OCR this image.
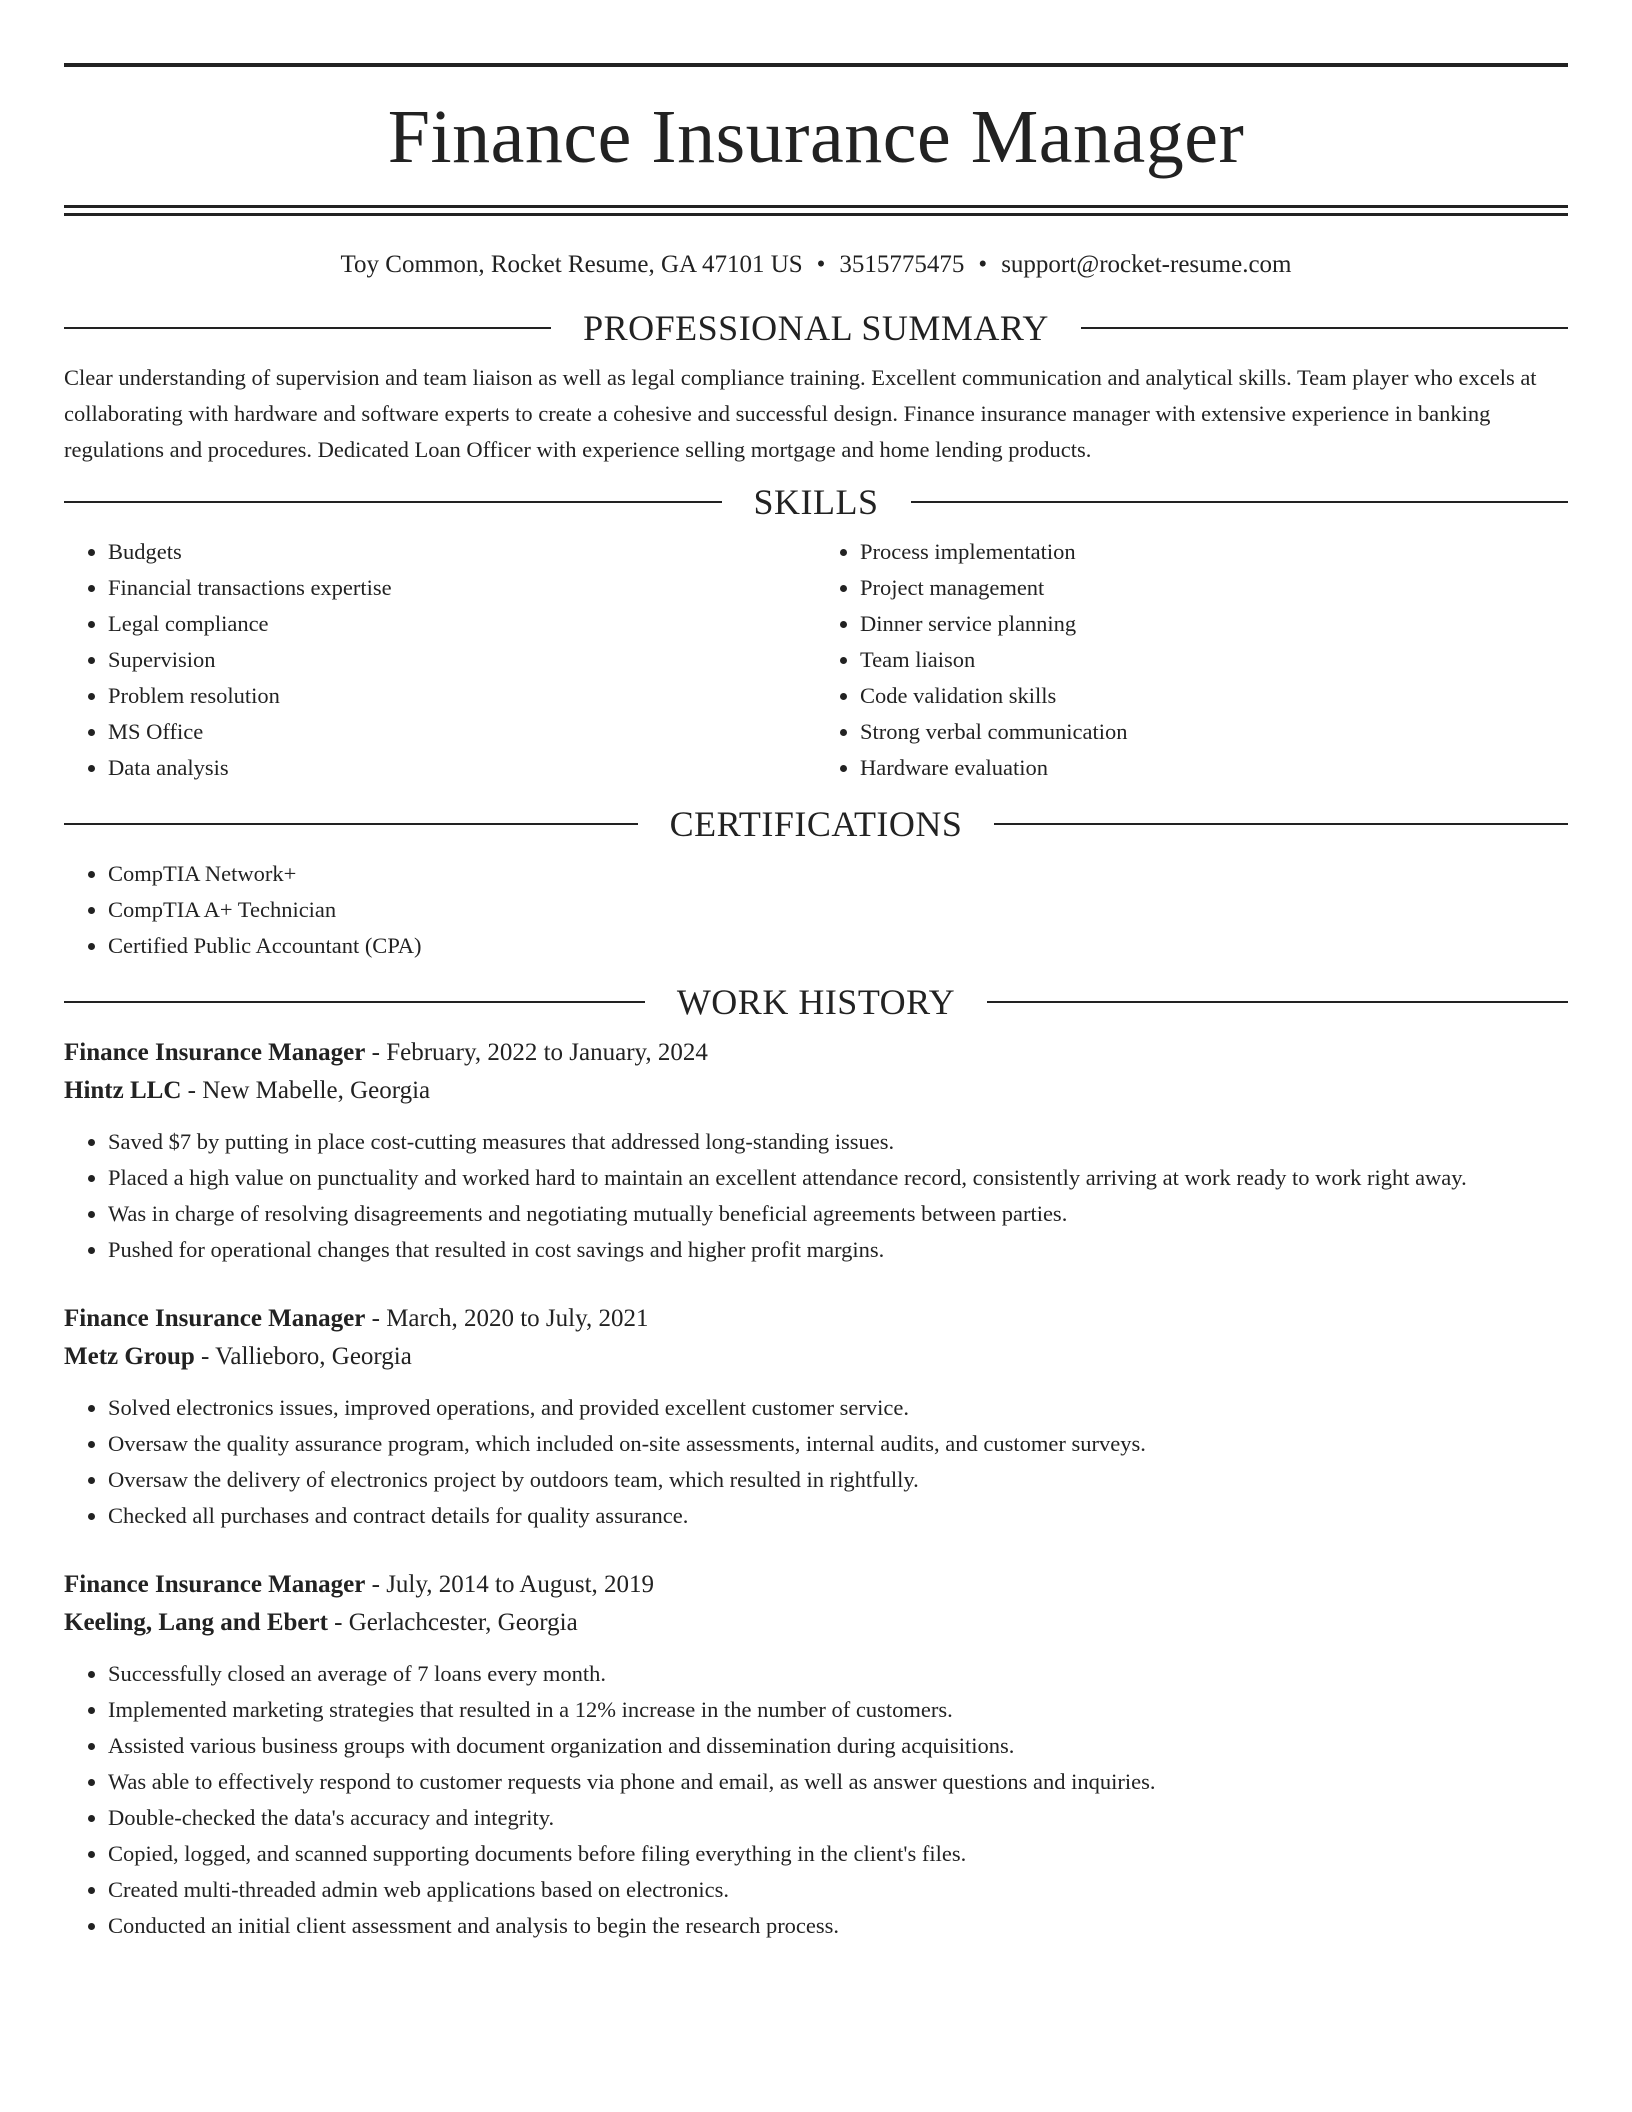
Finance Insurance Manager
Toy Common, Rocket Resume, GA 47101 US • 3515775475 • support@rocket-resume.com
PROFESSIONAL SUMMARY

Clear understanding of supervision and team liaison as well as legal compliance training. Excellent communication and analytical skills. Team player who excels at collaborating with hardware and software experts to create a cohesive and successful design. Finance insurance manager with extensive experience in banking regulations and procedures. Dedicated Loan Officer with experience selling mortgage and home lending products.

SKILLS
• Budgets
• Financial transactions expertise
• Legal compliance
• Supervision
• Problem resolution
• MS Office
• Data analysis
• Process implementation
• Project management
• Dinner service planning
• Team liaison
• Code validation skills
• Strong verbal communication
• Hardware evaluation
CERTIFICATIONS
• CompTIA Network+
• CompTIA A+ Technician
• Certified Public Accountant (CPA)
WORK HISTORY
Finance Insurance Manager - February, 2022 to January, 2024
Hintz LLC - New Mabelle, Georgia
• Saved $7 by putting in place cost-cutting measures that addressed long-standing issues.
• Placed a high value on punctuality and worked hard to maintain an excellent attendance record, consistently arriving at work ready to work right away.
• Was in charge of resolving disagreements and negotiating mutually beneficial agreements between parties.
• Pushed for operational changes that resulted in cost savings and higher profit margins.
Finance Insurance Manager - March, 2020 to July, 2021
Metz Group - Vallieboro, Georgia
• Solved electronics issues, improved operations, and provided excellent customer service.
• Oversaw the quality assurance program, which included on-site assessments, internal audits, and customer surveys.
• Oversaw the delivery of electronics project by outdoors team, which resulted in rightfully.
• Checked all purchases and contract details for quality assurance.
Finance Insurance Manager - July, 2014 to August, 2019
Keeling, Lang and Ebert - Gerlachcester, Georgia
• Successfully closed an average of 7 loans every month.
• Implemented marketing strategies that resulted in a 12% increase in the number of customers.
• Assisted various business groups with document organization and dissemination during acquisitions.
• Was able to effectively respond to customer requests via phone and email, as well as answer questions and inquiries.
• Double-checked the data's accuracy and integrity.
• Copied, logged, and scanned supporting documents before filing everything in the client's files.
• Created multi-threaded admin web applications based on electronics.
• Conducted an initial client assessment and analysis to begin the research process.
